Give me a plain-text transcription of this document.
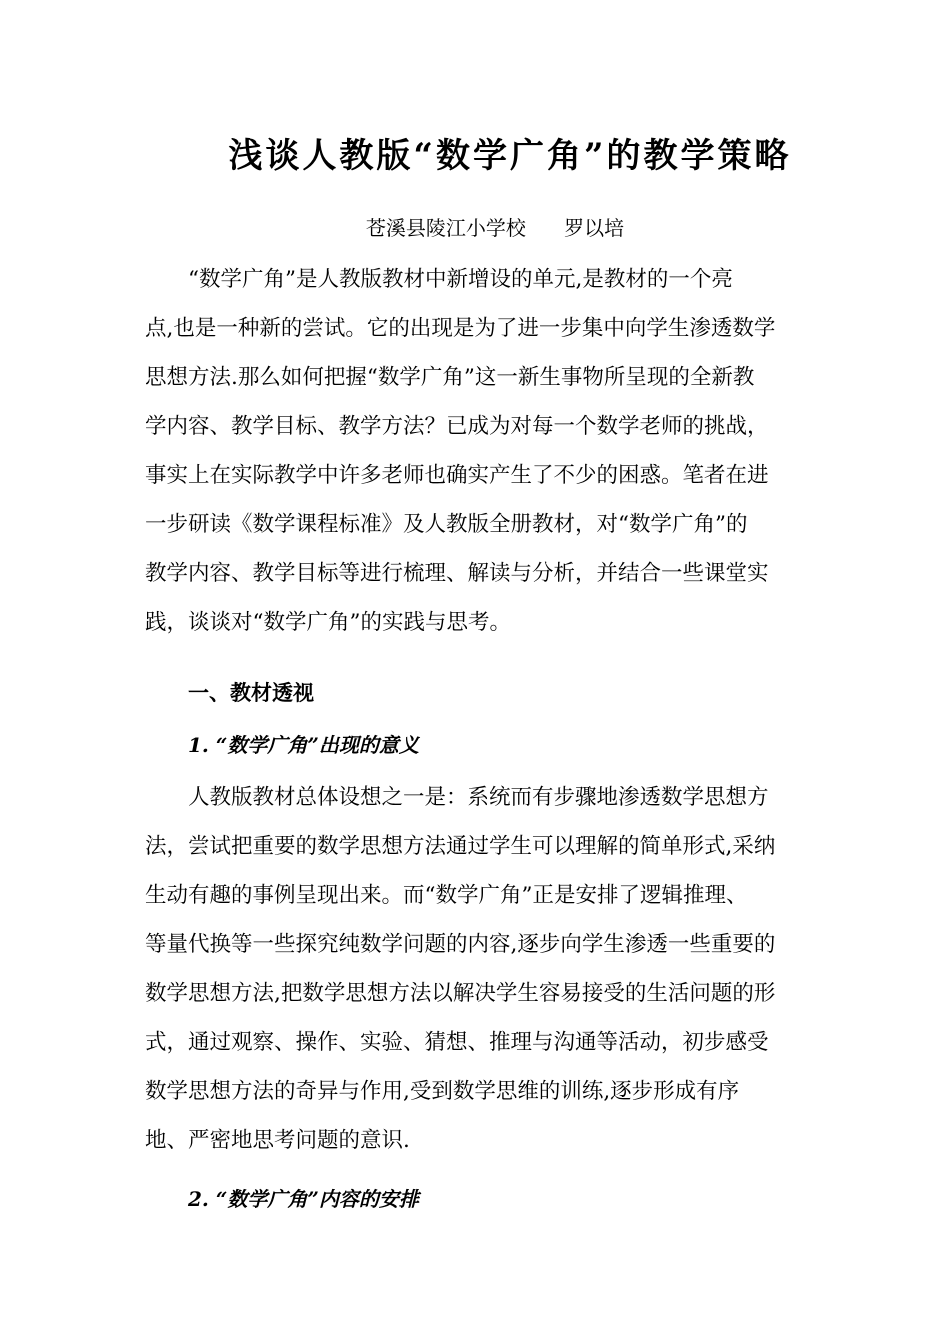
浅谈人教版“数学广角”的教学策略
苍溪县陵江小学校      罗以培
“数学广角”是人教版教材中新增设的单元,是教材的一个亮
点,也是一种新的尝试。它的出现是为了进一步集中向学生渗透数学
思想方法.那么如何把握“数学广角”这一新生事物所呈现的全新教
学内容、教学目标、教学方法？已成为对每一个数学老师的挑战，
事实上在实际教学中许多老师也确实产生了不少的困惑。笔者在进
一步研读《数学课程标准》及人教版全册教材，对“数学广角”的
教学内容、教学目标等进行梳理、解读与分析，并结合一些课堂实
践，谈谈对“数学广角”的实践与思考。
一、教材透视
1. “数学广角”出现的意义
人教版教材总体设想之一是：系统而有步骤地渗透数学思想方
法，尝试把重要的数学思想方法通过学生可以理解的简单形式,采纳
生动有趣的事例呈现出来。而“数学广角”正是安排了逻辑推理、
等量代换等一些探究纯数学问题的内容,逐步向学生渗透一些重要的
数学思想方法,把数学思想方法以解决学生容易接受的生活问题的形
式，通过观察、操作、实验、猜想、推理与沟通等活动，初步感受
数学思想方法的奇异与作用,受到数学思维的训练,逐步形成有序
地、严密地思考问题的意识.
2. “数学广角”内容的安排
